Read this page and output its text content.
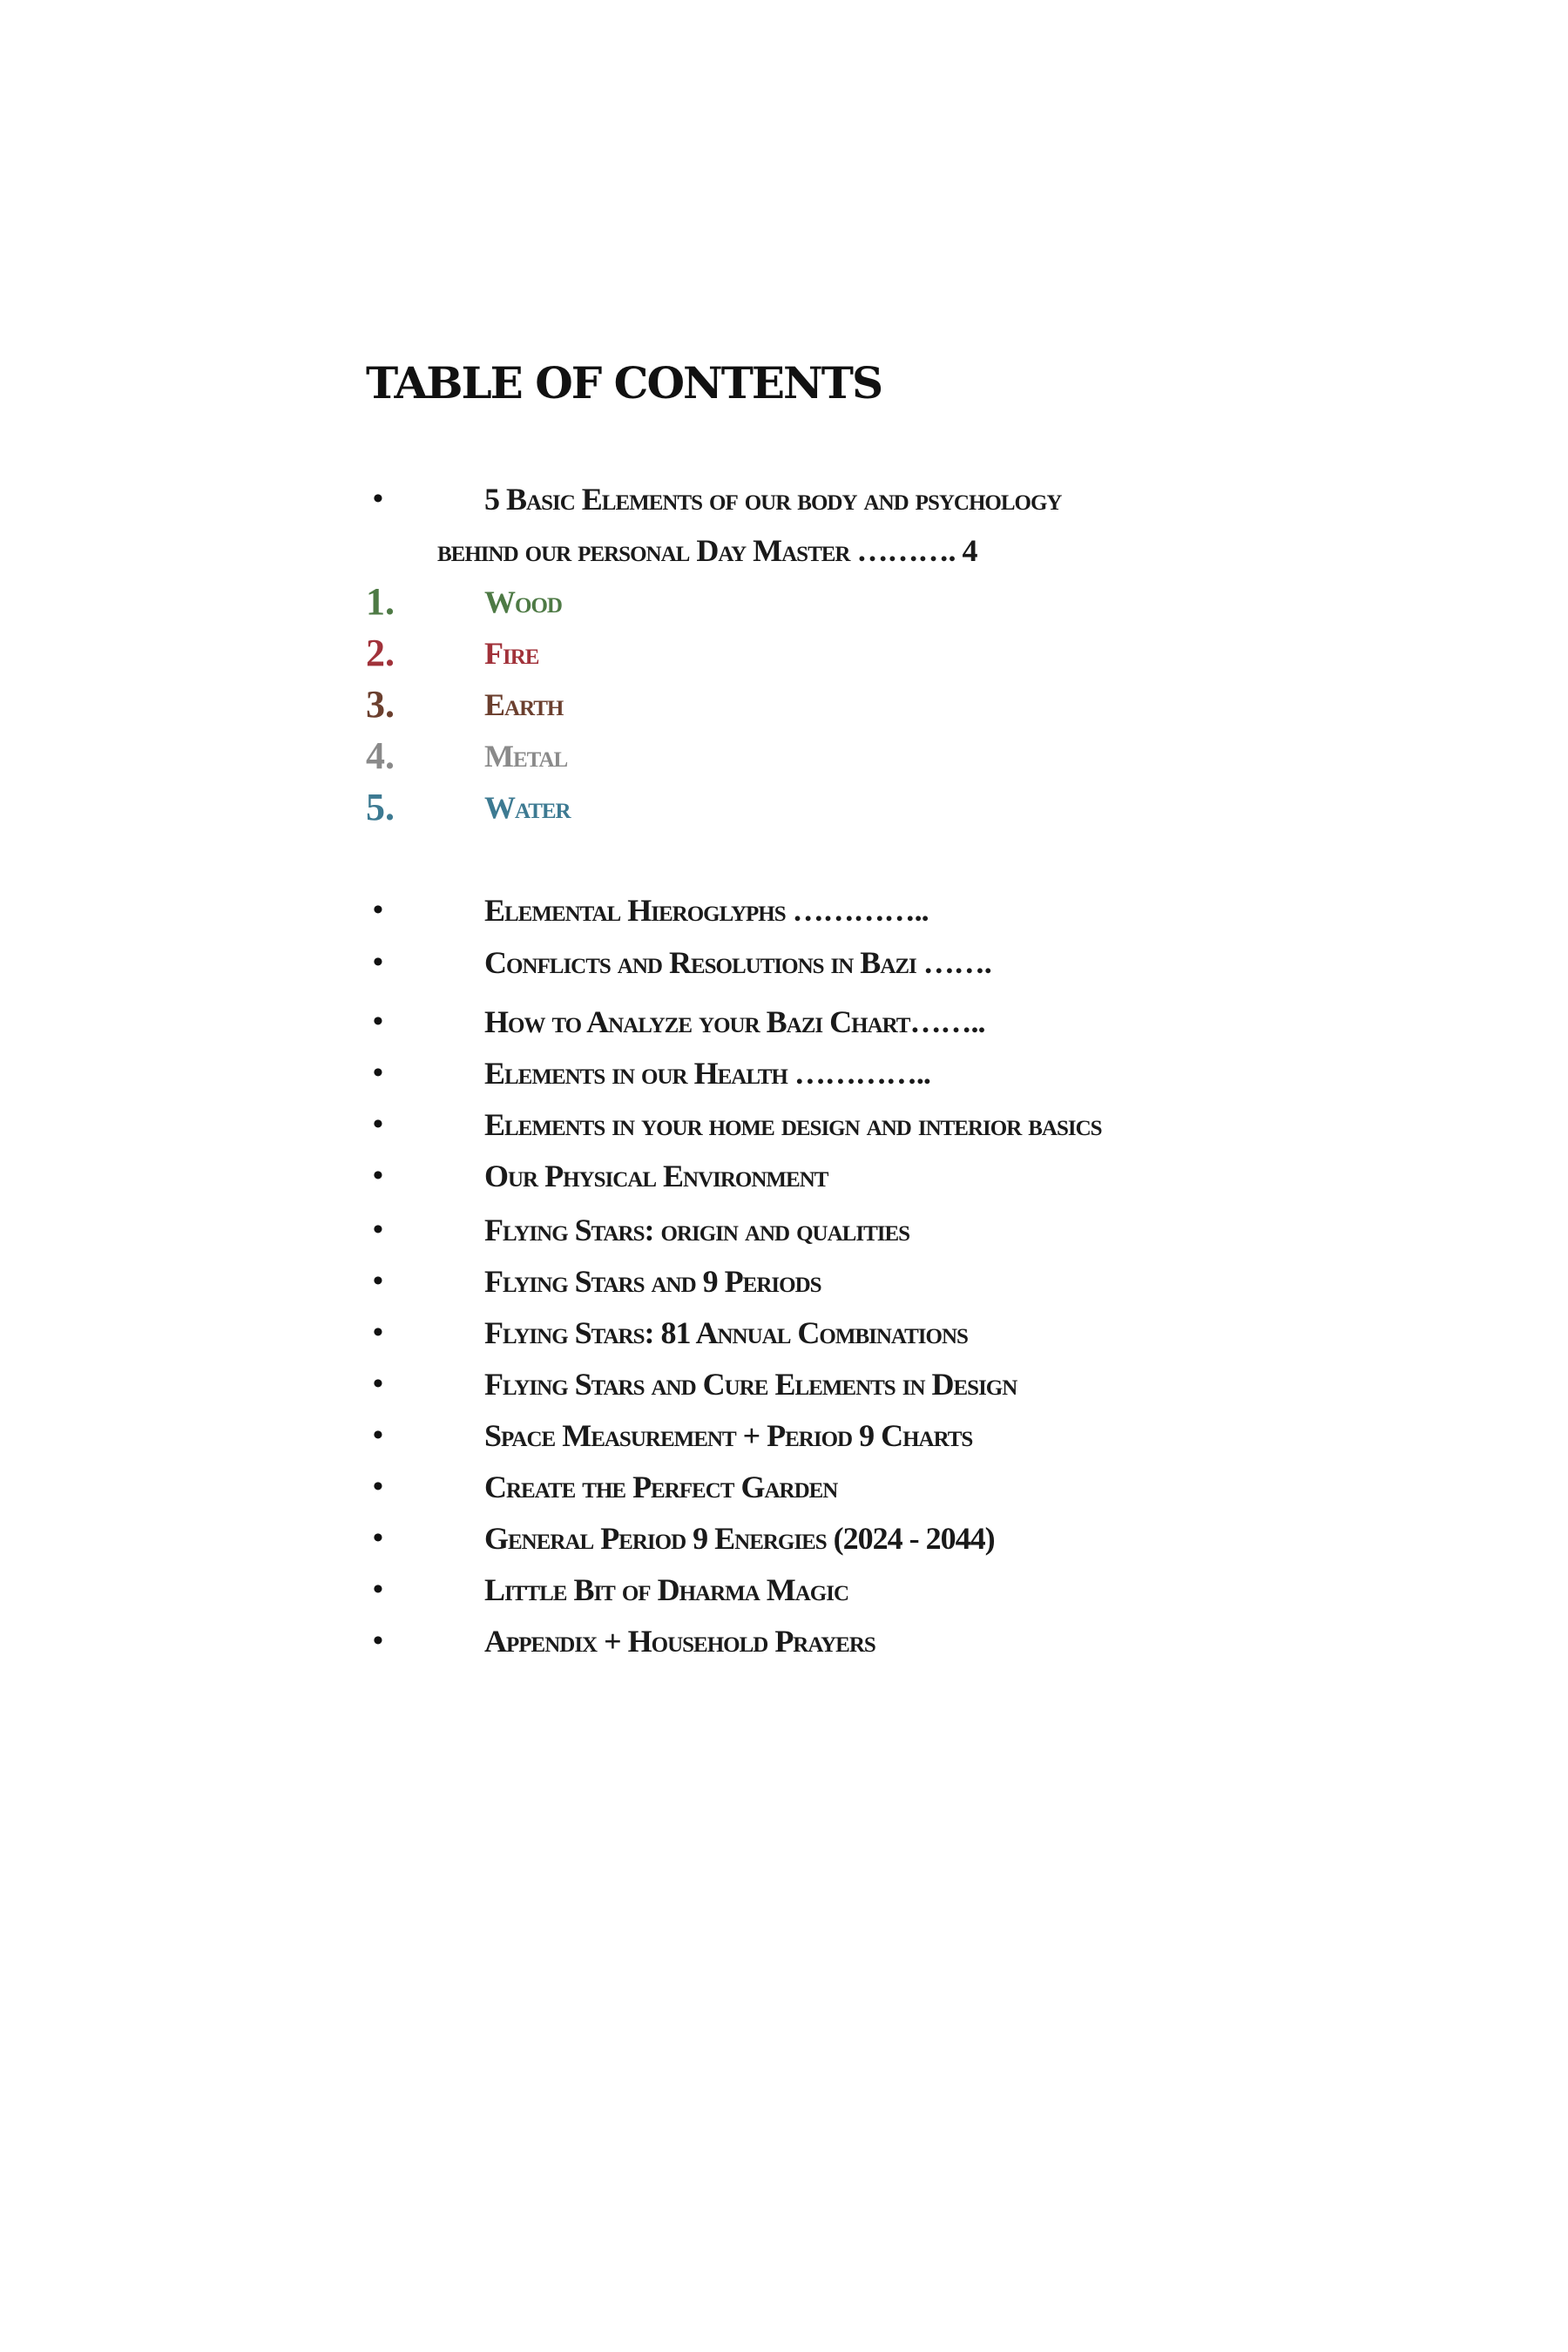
TABLE OF CONTENTS
•	5 Basic Elements of our body and psychology
behind our personal Day Master ………. 4
1.	Wood
2.	Fire
3.	Earth
4.	Metal
5.	Water
•	Elemental Hieroglyphs …………..
•	Conflicts and Resolutions in Bazi …….
•	How to Analyze your Bazi Chart……..
•	Elements in our Health …………..
•	Elements in your home design and interior basics
•	Our Physical Environment
•	Flying Stars: origin and qualities
•	Flying Stars and 9 Periods
•	Flying Stars: 81 Annual Combinations
•	Flying Stars and Cure Elements in Design
•	Space Measurement + Period 9 Charts
•	Create the Perfect Garden
•	General Period 9 Energies (2024 - 2044)
•	Little Bit of Dharma Magic
•	Appendix + Household Prayers
